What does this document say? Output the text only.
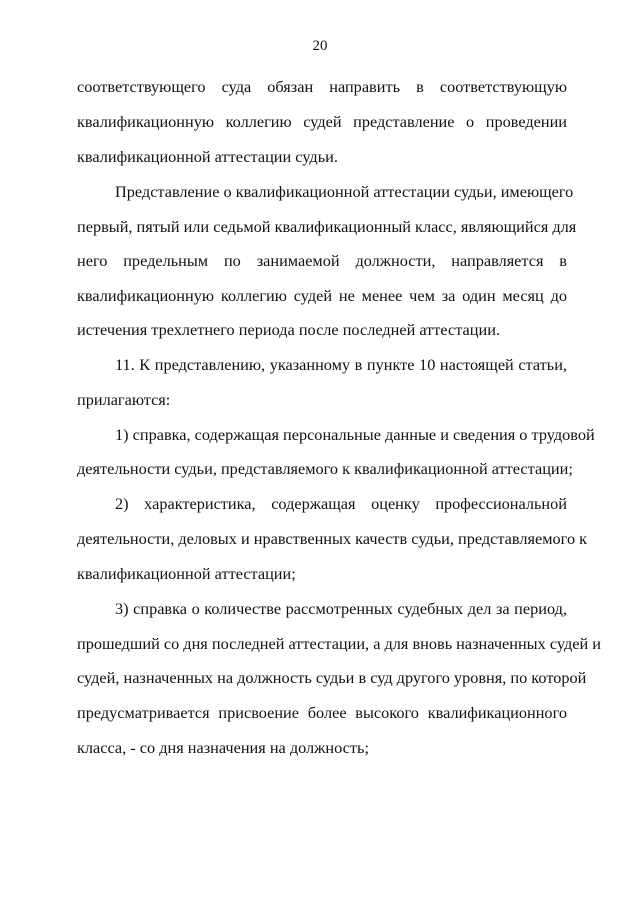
20
соответствующего суда обязан направить в соответствующую
квалификационную коллегию судей представление о проведении
квалификационной аттестации судьи.
Представление о квалификационной аттестации судьи, имеющего
первый, пятый или седьмой квалификационный класс, являющийся для
него предельным по занимаемой должности, направляется в
квалификационную коллегию судей не менее чем за один месяц до
истечения трехлетнего периода после последней аттестации.
11. К представлению, указанному в пункте 10 настоящей статьи,
прилагаются:
1) справка, содержащая персональные данные и сведения о трудовой
деятельности судьи, представляемого к квалификационной аттестации;
2) характеристика, содержащая оценку профессиональной
деятельности, деловых и нравственных качеств судьи, представляемого к
квалификационной аттестации;
3) справка о количестве рассмотренных судебных дел за период,
прошедший со дня последней аттестации, а для вновь назначенных судей и
судей, назначенных на должность судьи в суд другого уровня, по которой
предусматривается присвоение более высокого квалификационного
класса, - со дня назначения на должность;
